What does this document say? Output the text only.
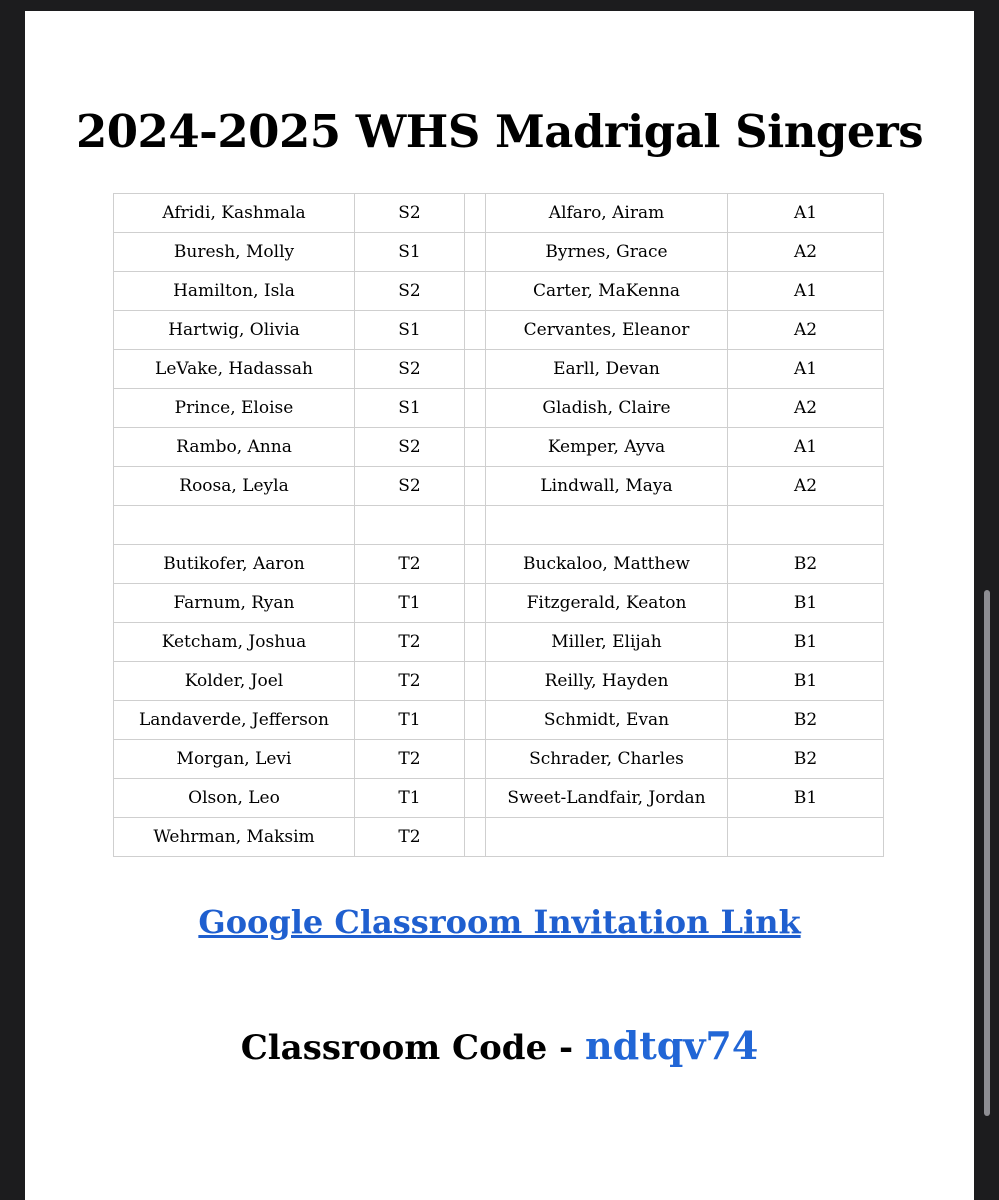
2024-2025 WHS Madrigal Singers
Afridi, Kashmala	S2		Alfaro, Airam	A1
Buresh, Molly	S1		Byrnes, Grace	A2
Hamilton, Isla	S2		Carter, MaKenna	A1
Hartwig, Olivia	S1		Cervantes, Eleanor	A2
LeVake, Hadassah	S2		Earll, Devan	A1
Prince, Eloise	S1		Gladish, Claire	A2
Rambo, Anna	S2		Kemper, Ayva	A1
Roosa, Leyla	S2		Lindwall, Maya	A2

Butikofer, Aaron	T2		Buckaloo, Matthew	B2
Farnum, Ryan	T1		Fitzgerald, Keaton	B1
Ketcham, Joshua	T2		Miller, Elijah	B1
Kolder, Joel	T2		Reilly, Hayden	B1
Landaverde, Jefferson	T1		Schmidt, Evan	B2
Morgan, Levi	T2		Schrader, Charles	B2
Olson, Leo	T1		Sweet-Landfair, Jordan	B1
Wehrman, Maksim	T2			
Google Classroom Invitation Link
Classroom Code - ndtqv74
